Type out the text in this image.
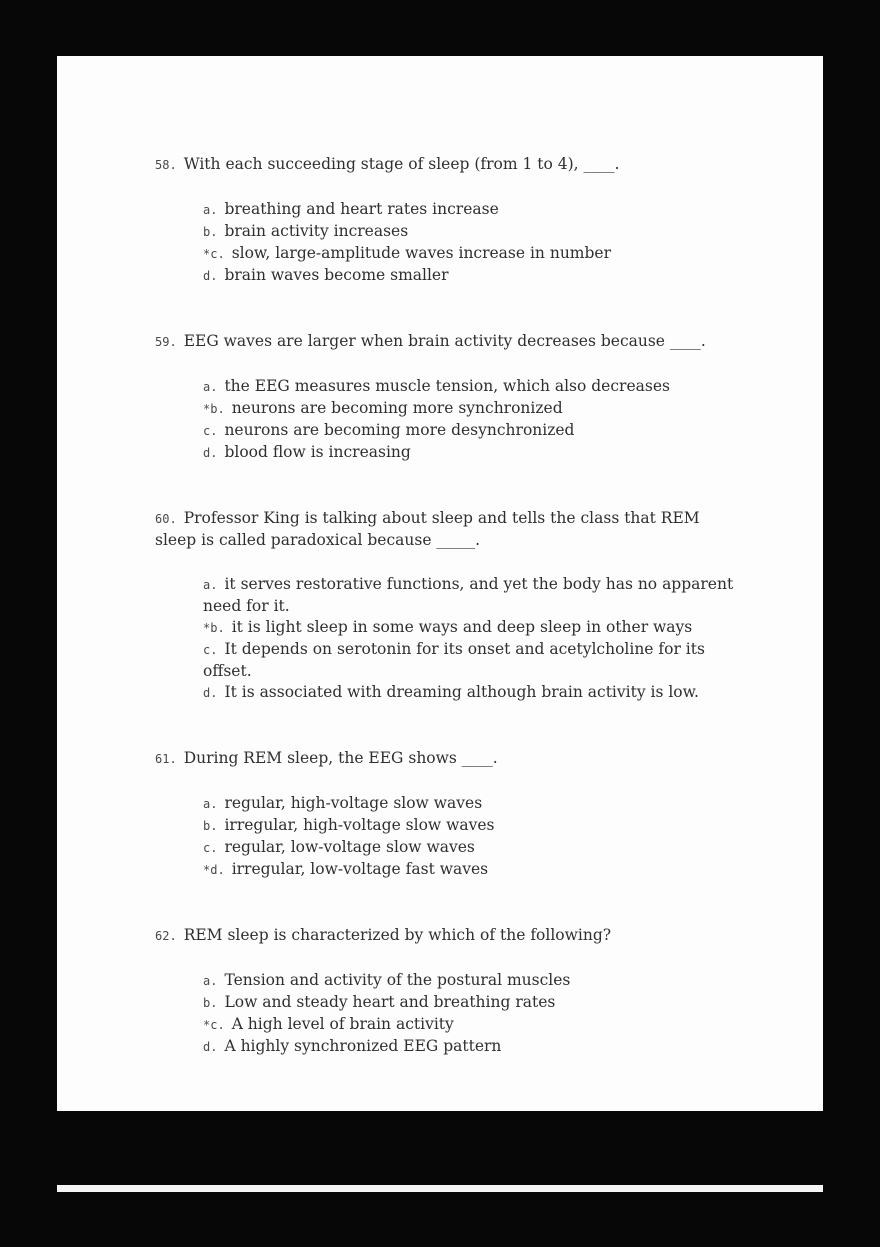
58. With each succeeding stage of sleep (from 1 to 4), ____.

a. breathing and heart rates increase

b. brain activity increases

*c. slow, large-amplitude waves increase in number

d. brain waves become smaller

59. EEG waves are larger when brain activity decreases because ____.

a. the EEG measures muscle tension, which also decreases

*b. neurons are becoming more synchronized

c. neurons are becoming more desynchronized

d. blood flow is increasing

60. Professor King is talking about sleep and tells the class that REM sleep is called paradoxical because _____.

a. it serves restorative functions, and yet the body has no apparent need for it.

*b. it is light sleep in some ways and deep sleep in other ways

c. It depends on serotonin for its onset and acetylcholine for its offset.

d. It is associated with dreaming although brain activity is low.

61. During REM sleep, the EEG shows ____.

a. regular, high-voltage slow waves

b. irregular, high-voltage slow waves

c. regular, low-voltage slow waves

*d. irregular, low-voltage fast waves

62. REM sleep is characterized by which of the following?

a. Tension and activity of the postural muscles

b. Low and steady heart and breathing rates

*c. A high level of brain activity

d. A highly synchronized EEG pattern
